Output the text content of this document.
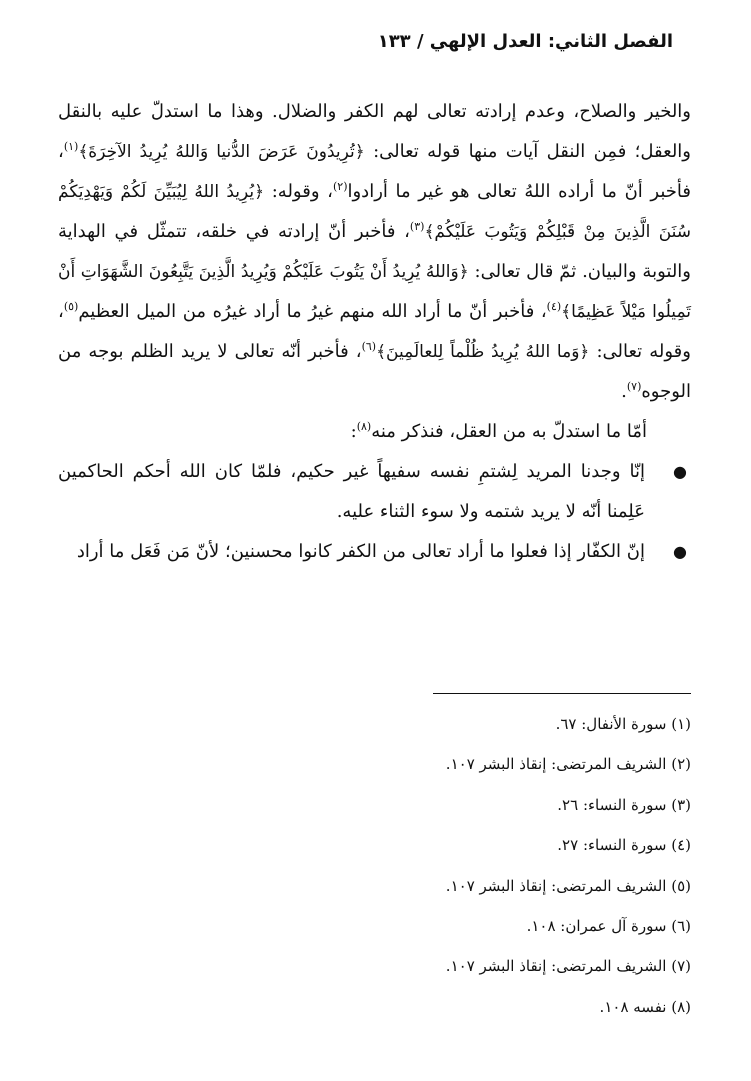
الفصل الثاني: العدل الإلهي / ١٣٣

والخير والصلاح، وعدم إرادته تعالى لهم الكفر والضلال. وهذا ما استدلّ عليه بالنقل والعقل؛ فمِن النقل آيات منها قوله تعالى: ﴿تُرِيدُونَ عَرَضَ الدُّنيا وَاللهُ يُرِيدُ الآخِرَةَ﴾$^{(١)}$، فأخبر أنّ ما أراده اللهُ تعالى هو غير ما أرادوا$^{(٢)}$، وقوله: ﴿يُرِيدُ اللهُ لِيُبَيِّنَ لَكُمْ وَيَهْدِيَكُمْ سُنَنَ الَّذِينَ مِنْ قَبْلِكُمْ وَيَتُوبَ عَلَيْكُمْ﴾$^{(٣)}$، فأخبر أنّ إرادته في خلقه، تتمثّل في الهداية والتوبة والبيان. ثمّ قال تعالى: ﴿وَاللهُ يُرِيدُ أَنْ يَتُوبَ عَلَيْكُمْ وَيُرِيدُ الَّذِينَ يَتَّبِعُونَ الشَّهَوَاتِ أَنْ تَمِيلُوا مَيْلاً عَظِيمًا﴾$^{(٤)}$، فأخبر أنّ ما أراد الله منهم غيرُ ما أراد غيرُه من الميل العظيم$^{(٥)}$، وقوله تعالى: ﴿وَما اللهُ يُرِيدُ ظُلْماً لِلعالَمِينَ﴾$^{(٦)}$، فأخبر أنّه تعالى لا يريد الظلم بوجه من الوجوه$^{(٧)}$.

أمّا ما استدلّ به من العقل، فنذكر منه$^{(٨)}$:

●
إنّا وجدنا المريد لِشتمِ نفسه سفيهاً غير حكيم، فلمّا كان الله أحكم الحاكمين عَلِمنا أنّه لا يريد شتمه ولا سوء الثناء عليه.
●
إنّ الكفّار إذا فعلوا ما أراد تعالى من الكفر كانوا محسنين؛ لأنّ مَن فَعَل ما أراد
(١) سورة الأنفال: ٦٧.
(٢) الشريف المرتضى: إنقاذ البشر ١٠٧.
(٣) سورة النساء: ٢٦.
(٤) سورة النساء: ٢٧.
(٥) الشريف المرتضى: إنقاذ البشر ١٠٧.
(٦) سورة آل عمران: ١٠٨.
(٧) الشريف المرتضى: إنقاذ البشر ١٠٧.
(٨) نفسه ١٠٨.
